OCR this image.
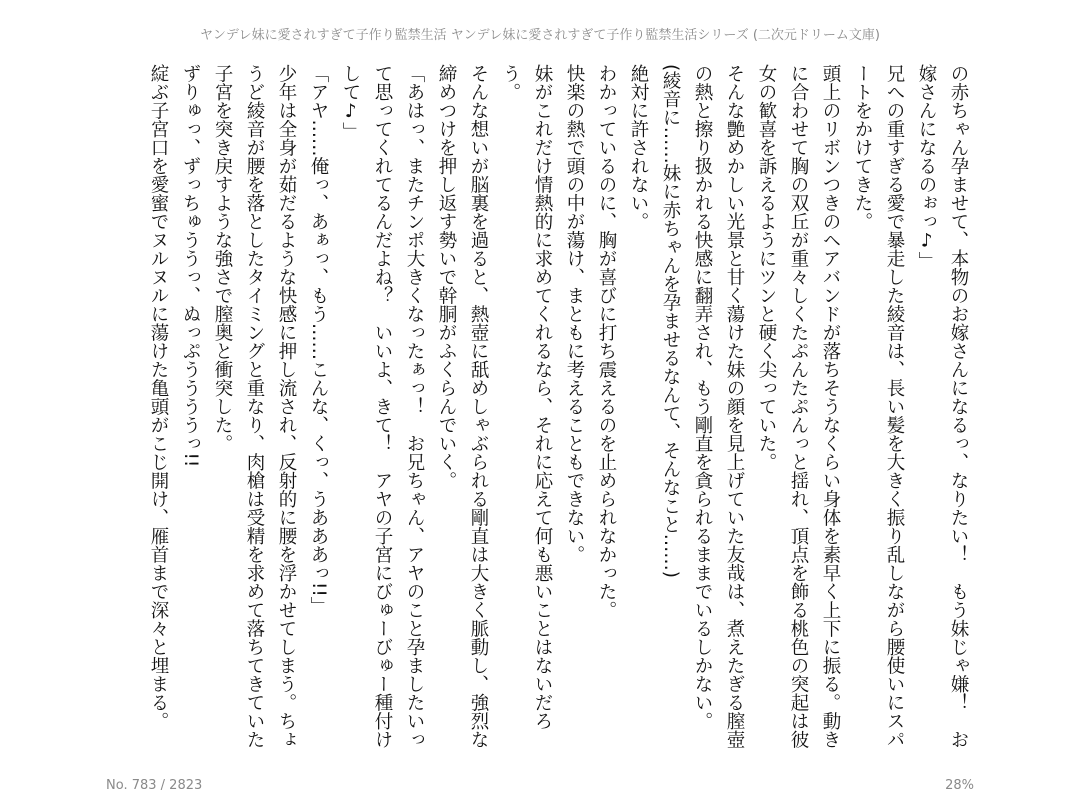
ヤンデレ妹に愛されすぎて子作り監禁生活 ヤンデレ妹に愛されすぎて子作り監禁生活シリーズ (二次元ドリーム文庫)

の赤ちゃん孕ませて、本物のお嫁さんになるっ、なりたい！　もう妹じゃ嫌！　お嫁さんになるのぉっ♪」

兄への重すぎる愛で暴走した綾音は、長い髪を大きく振り乱しながら腰使いにスパートをかけてきた。

頭上のリボンつきのヘアバンドが落ちそうなくらい身体を素早く上下に振る。動きに合わせて胸の双丘が重々しくたぷんたぷんっと揺れ、頂点を飾る桃色の突起は彼女の歓喜を訴えるようにツンと硬く尖っていた。

そんな艶めかしい光景と甘く蕩けた妹の顔を見上げていた友哉は、煮えたぎる膣壺の熱と擦り扱かれる快感に翻弄され、もう剛直を貪られるままでいるしかない。

(綾音に……妹に赤ちゃんを孕ませるなんて、そんなこと……)

絶対に許されない。

わかっているのに、胸が喜びに打ち震えるのを止められなかった。

快楽の熱で頭の中が蕩け、まともに考えることもできない。

妹がこれだけ情熱的に求めてくれるなら、それに応えて何も悪いことはないだろう。

そんな想いが脳裏を過ると、熱壺に舐めしゃぶられる剛直は大きく脈動し、強烈な締めつけを押し返す勢いで幹胴がふくらんでいく。

「あはっ、またチンポ大きくなったぁっ！　お兄ちゃん、アヤのこと孕ましたいって思ってくれてるんだよね？　いいよ、きて！　アヤの子宮にびゅーびゅー種付けして♪」

「アヤ……俺っ、あぁっ、もう……こんな、くっ、うあああっ!!」

少年は全身が茹だるような快感に押し流され、反射的に腰を浮かせてしまう。ちょうど綾音が腰を落としたタイミングと重なり、肉槍は受精を求めて落ちてきていた子宮を突き戻すような強さで膣奥と衝突した。

ずりゅっ、ずっちゅううっ、ぬっぷううううっ!!

綻ぶ子宮口を愛蜜でヌルヌルに蕩けた亀頭がこじ開け、雁首まで深々と埋まる。

No. 783 / 2823	28%
